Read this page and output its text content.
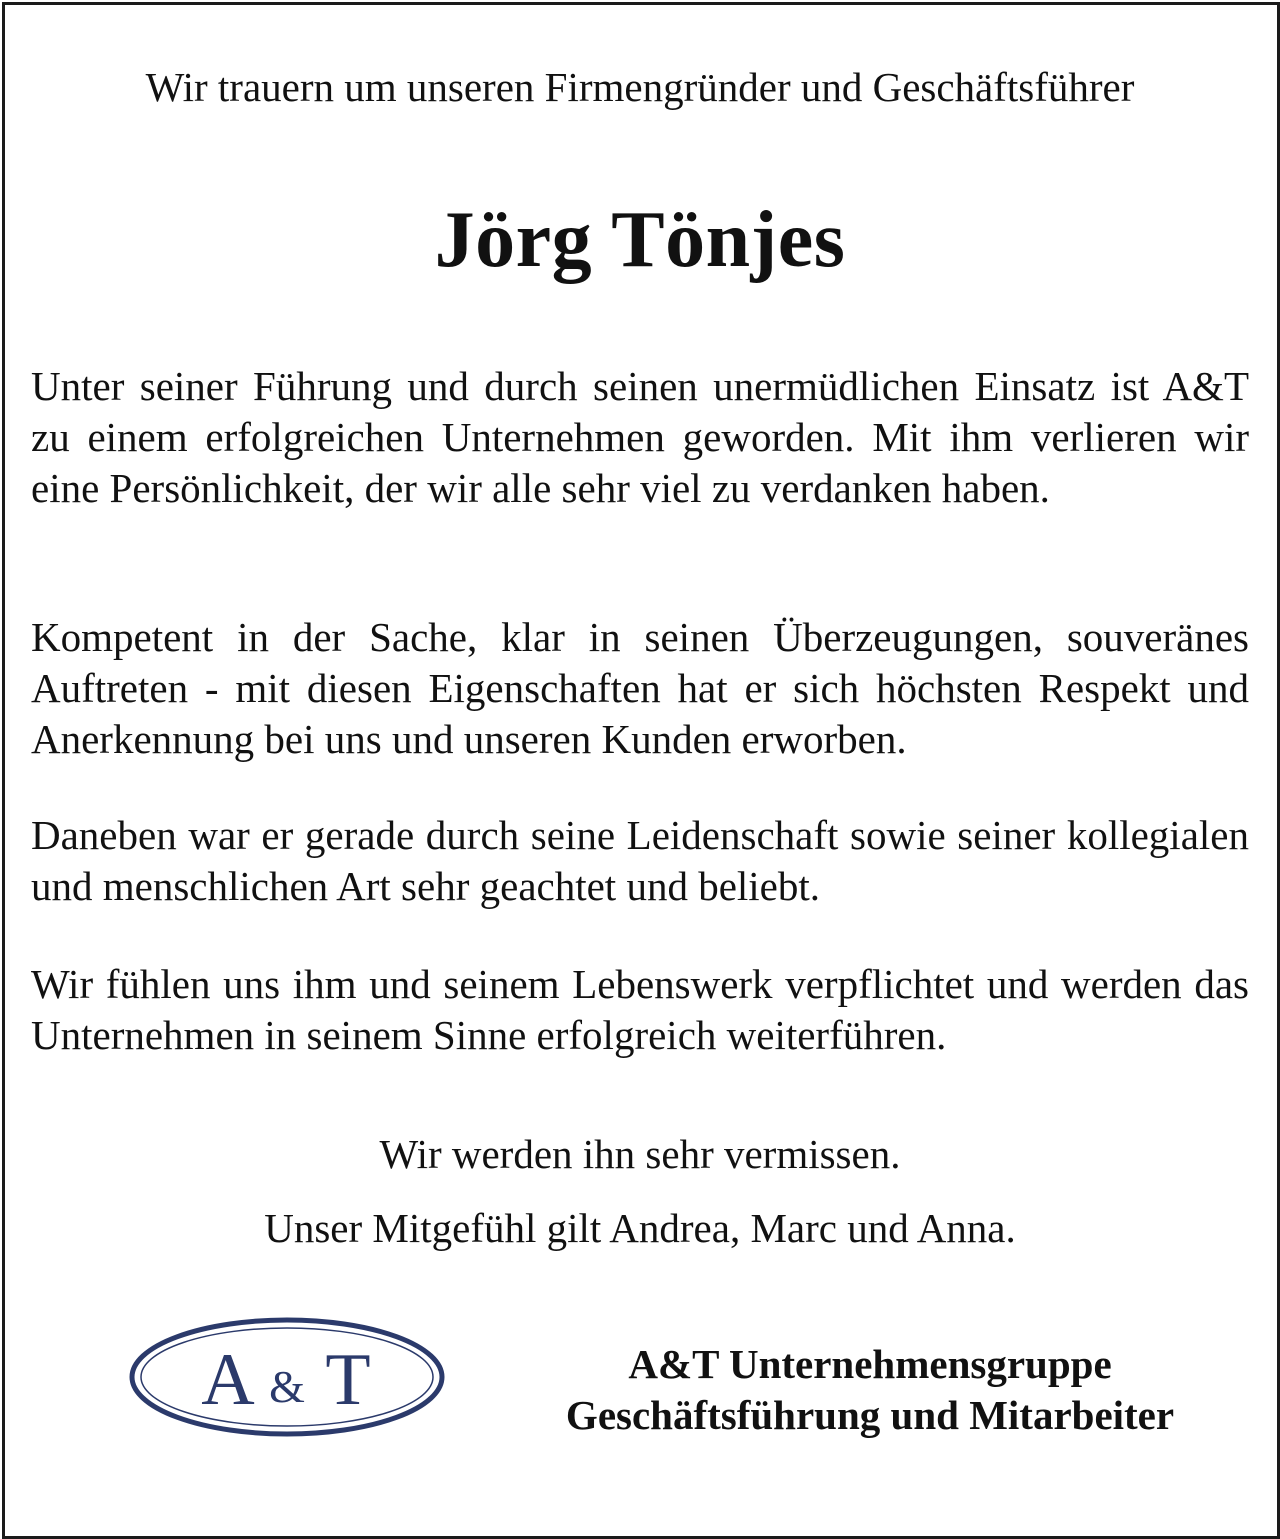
Wir trauern um unseren Firmengründer und Geschäftsführer

Jörg Tönjes

Unter seiner Führung und durch seinen unermüdlichen Einsatz ist A&T zu einem erfolgreichen Unternehmen geworden. Mit ihm verlieren wir eine Persönlichkeit, der wir alle sehr viel zu verdanken haben.

Kompetent in der Sache, klar in seinen Überzeugungen, souveränes Auftreten - mit diesen Eigenschaften hat er sich höchsten Respekt und Anerkennung bei uns und unseren Kunden erworben.

Daneben war er gerade durch seine Leidenschaft sowie seiner kollegialen und menschlichen Art sehr geachtet und beliebt.

Wir fühlen uns ihm und seinem Lebenswerk verpflichtet und werden das Unternehmen in seinem Sinne erfolgreich weiterführen.

Wir werden ihn sehr vermissen.

Unser Mitgefühl gilt Andrea, Marc und Anna.

A & T	A&T Unternehmensgruppe
Geschäftsführung und Mitarbeiter
